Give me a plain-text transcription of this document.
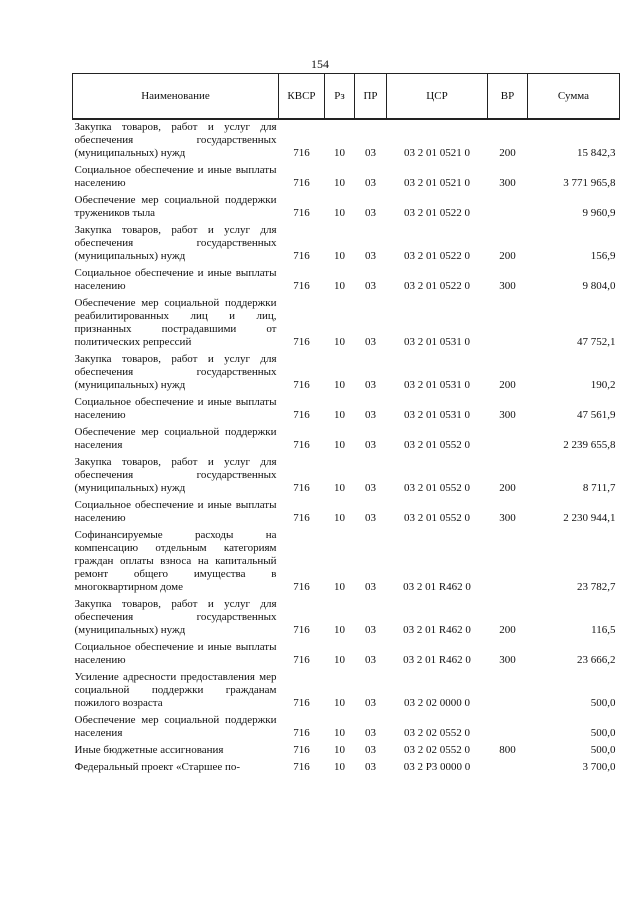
154
Наименование	КВСР	Рз	ПР	ЦСР	ВР	Сумма
Закупка товаров, работ и услуг для обеспечения государственных (муниципальных) нужд	716	10	03	03 2 01 0521 0	200	15 842,3
Социальное обеспечение и иные выплаты населению	716	10	03	03 2 01 0521 0	300	3 771 965,8
Обеспечение мер социальной поддержки тружеников тыла	716	10	03	03 2 01 0522 0		9 960,9
Закупка товаров, работ и услуг для обеспечения государственных (муниципальных) нужд	716	10	03	03 2 01 0522 0	200	156,9
Социальное обеспечение и иные выплаты населению	716	10	03	03 2 01 0522 0	300	9 804,0
Обеспечение мер социальной поддержки реабилитированных лиц и лиц, признанных пострадавшими от политических репрессий	716	10	03	03 2 01 0531 0		47 752,1
Закупка товаров, работ и услуг для обеспечения государственных (муниципальных) нужд	716	10	03	03 2 01 0531 0	200	190,2
Социальное обеспечение и иные выплаты населению	716	10	03	03 2 01 0531 0	300	47 561,9
Обеспечение мер социальной поддержки населения	716	10	03	03 2 01 0552 0		2 239 655,8
Закупка товаров, работ и услуг для обеспечения государственных (муниципальных) нужд	716	10	03	03 2 01 0552 0	200	8 711,7
Социальное обеспечение и иные выплаты населению	716	10	03	03 2 01 0552 0	300	2 230 944,1
Софинансируемые расходы на компенсацию отдельным категориям граждан оплаты взноса на капитальный ремонт общего имущества в многоквартирном доме	716	10	03	03 2 01 R462 0		23 782,7
Закупка товаров, работ и услуг для обеспечения государственных (муниципальных) нужд	716	10	03	03 2 01 R462 0	200	116,5
Социальное обеспечение и иные выплаты населению	716	10	03	03 2 01 R462 0	300	23 666,2
Усиление адресности предоставления мер социальной поддержки гражданам пожилого возраста	716	10	03	03 2 02 0000 0		500,0
Обеспечение мер социальной поддержки населения	716	10	03	03 2 02 0552 0		500,0
Иные бюджетные ассигнования	716	10	03	03 2 02 0552 0	800	500,0
Федеральный проект «Старшее по-	716	10	03	03 2 P3 0000 0		3 700,0
